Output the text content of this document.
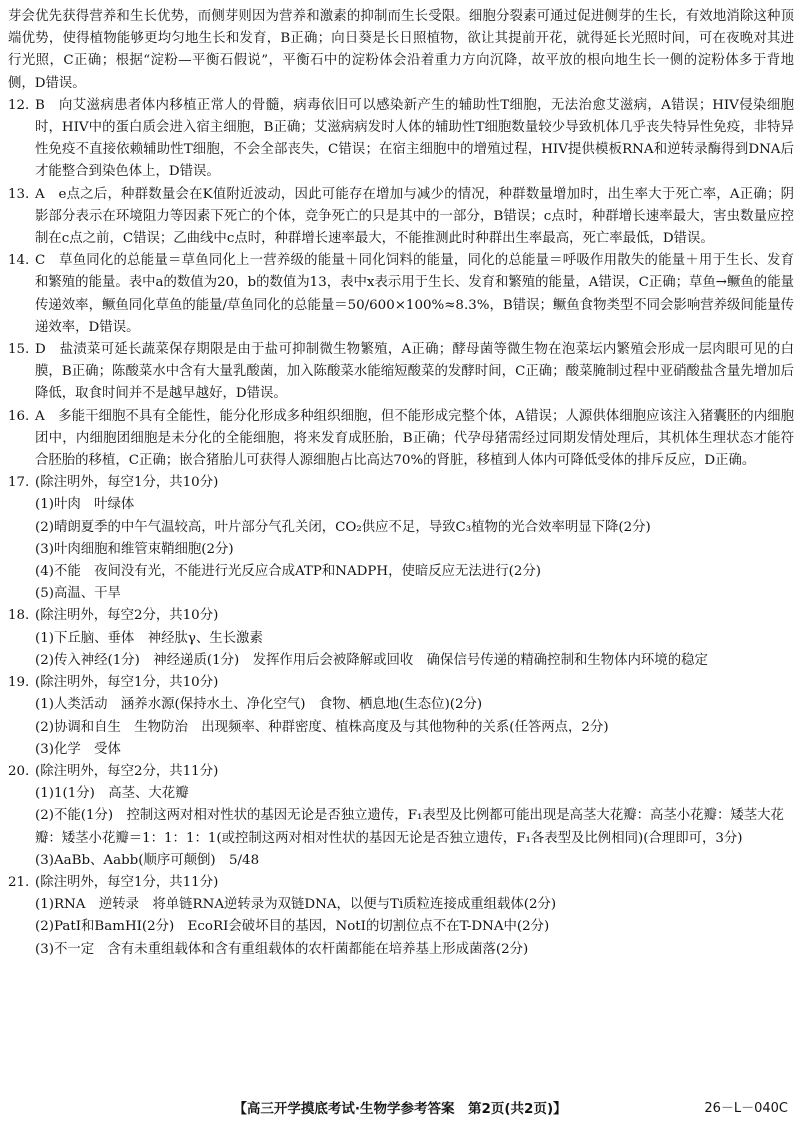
芽会优先获得营养和生长优势，而侧芽则因为营养和激素的抑制而生长受限。细胞分裂素可通过促进侧芽的生长，有效地消除这种顶端优势，使得植物能够更均匀地生长和发育，B正确；向日葵是长日照植物，欲让其提前开花，就得延长光照时间，可在夜晚对其进行光照，C正确；根据“淀粉—平衡石假说”，平衡石中的淀粉体会沿着重力方向沉降，故平放的根向地生长一侧的淀粉体多于背地侧，D错误。

12. B　向艾滋病患者体内移植正常人的骨髓，病毒依旧可以感染新产生的辅助性T细胞，无法治愈艾滋病，A错误；HIV侵染细胞时，HIV中的蛋白质会进入宿主细胞，B正确；艾滋病病发时人体的辅助性T细胞数量较少导致机体几乎丧失特异性免疫，非特异性免疫不直接依赖辅助性T细胞，不会全部丧失，C错误；在宿主细胞中的增殖过程，HIV提供模板RNA和逆转录酶得到DNA后才能整合到染色体上，D错误。

13. A　e点之后，种群数量会在K值附近波动，因此可能存在增加与减少的情况，种群数量增加时，出生率大于死亡率，A正确；阴影部分表示在环境阻力等因素下死亡的个体，竞争死亡的只是其中的一部分，B错误；c点时，种群增长速率最大，害虫数量应控制在c点之前，C错误；乙曲线中c点时，种群增长速率最大，不能推测此时种群出生率最高，死亡率最低，D错误。

14. C　草鱼同化的总能量＝草鱼同化上一营养级的能量＋同化饲料的能量，同化的总能量＝呼吸作用散失的能量＋用于生长、发育和繁殖的能量。表中a的数值为20，b的数值为13，表中x表示用于生长、发育和繁殖的能量，A错误，C正确；草鱼→鳜鱼的能量传递效率，鳜鱼同化草鱼的能量/草鱼同化的总能量＝50/600×100%≈8.3%，B错误；鳜鱼食物类型不同会影响营养级间能量传递效率，D错误。

15. D　盐渍菜可延长蔬菜保存期限是由于盐可抑制微生物繁殖，A正确；酵母菌等微生物在泡菜坛内繁殖会形成一层肉眼可见的白膜，B正确；陈酸菜水中含有大量乳酸菌，加入陈酸菜水能缩短酸菜的发酵时间，C正确；酸菜腌制过程中亚硝酸盐含量先增加后降低，取食时间并不是越早越好，D错误。

16. A　多能干细胞不具有全能性，能分化形成多种组织细胞，但不能形成完整个体，A错误；人源供体细胞应该注入猪囊胚的内细胞团中，内细胞团细胞是未分化的全能细胞，将来发育成胚胎，B正确；代孕母猪需经过同期发情处理后，其机体生理状态才能符合胚胎的移植，C正确；嵌合猪胎儿可获得人源细胞占比高达70%的肾脏，移植到人体内可降低受体的排斥反应，D正确。

17. (除注明外，每空1分，共10分)

(1)叶肉　叶绿体

(2)晴朗夏季的中午气温较高，叶片部分气孔关闭，CO₂供应不足，导致C₃植物的光合效率明显下降(2分)

(3)叶肉细胞和维管束鞘细胞(2分)

(4)不能　夜间没有光，不能进行光反应合成ATP和NADPH，使暗反应无法进行(2分)

(5)高温、干旱

18. (除注明外，每空2分，共10分)

(1)下丘脑、垂体　神经肽γ、生长激素

(2)传入神经(1分)　神经递质(1分)　发挥作用后会被降解或回收　确保信号传递的精确控制和生物体内环境的稳定

19. (除注明外，每空1分，共10分)

(1)人类活动　涵养水源(保持水土、净化空气)　食物、栖息地(生态位)(2分)

(2)协调和自生　生物防治　出现频率、种群密度、植株高度及与其他物种的关系(任答两点，2分)

(3)化学　受体

20. (除注明外，每空2分，共11分)

(1)1(1分)　高茎、大花瓣

(2)不能(1分)　控制这两对相对性状的基因无论是否独立遗传，F₁表型及比例都可能出现是高茎大花瓣：高茎小花瓣：矮茎大花瓣：矮茎小花瓣＝1：1：1：1(或控制这两对相对性状的基因无论是否独立遗传，F₁各表型及比例相同)(合理即可，3分)

(3)AaBb、Aabb(顺序可颠倒)　5/48

21. (除注明外，每空1分，共11分)

(1)RNA　逆转录　将单链RNA逆转录为双链DNA，以便与Ti质粒连接成重组载体(2分)

(2)PatⅠ和BamHⅠ(2分)　EcoRⅠ会破坏目的基因，NotⅠ的切割位点不在T-DNA中(2分)

(3)不一定　含有未重组载体和含有重组载体的农杆菌都能在培养基上形成菌落(2分)

【高三开学摸底考试·生物学参考答案　第2页(共2页)】	26－L－040C
